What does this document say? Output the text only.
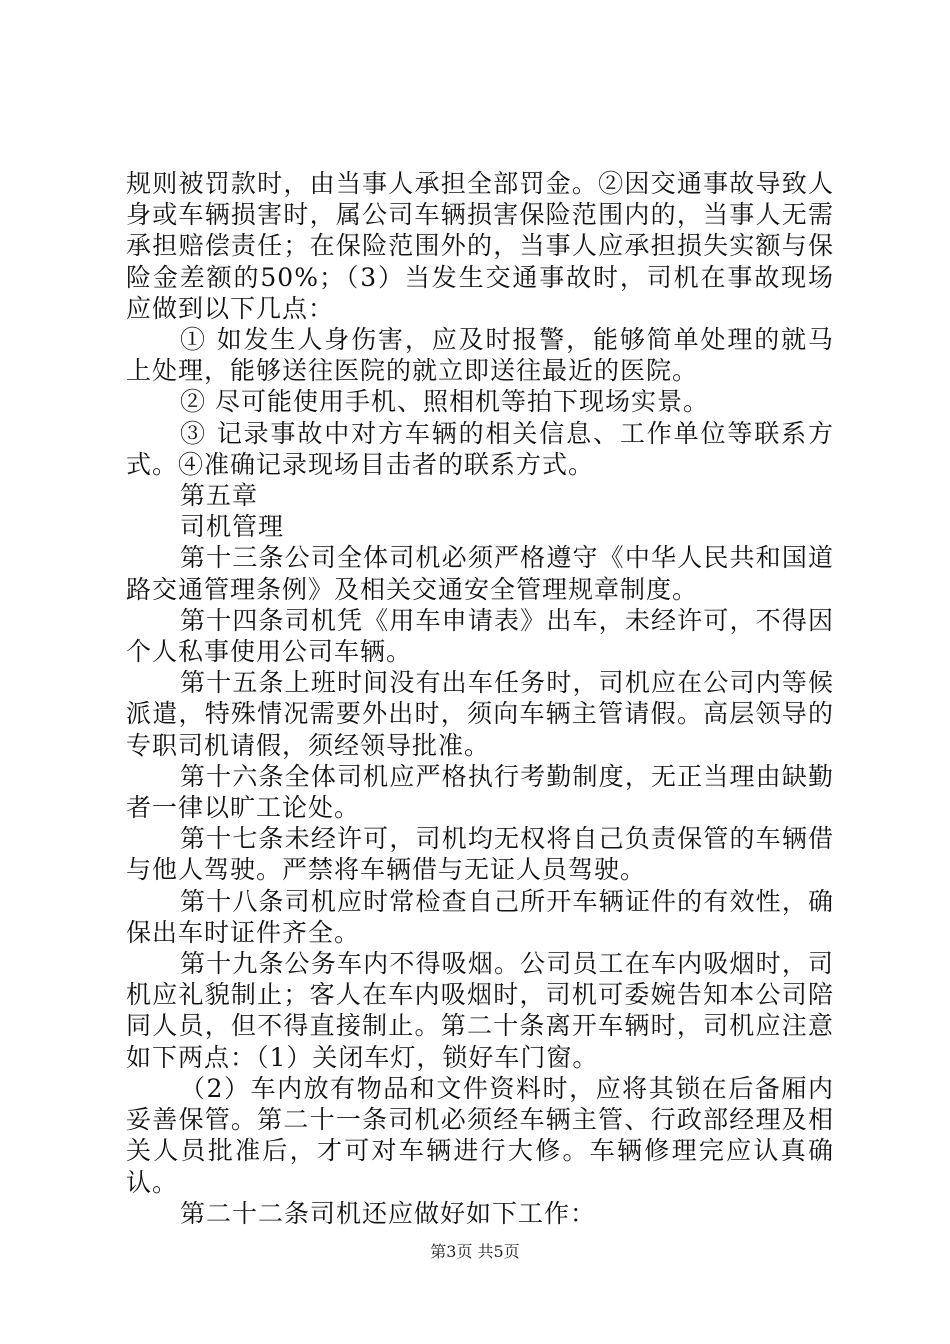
规则被罚款时，由当事人承担全部罚金。②因交通事故导致人身或车辆损害时，属公司车辆损害保险范围内的，当事人无需承担赔偿责任；在保险范围外的，当事人应承担损失实额与保险金差额的50%；（3）当发生交通事故时，司机在事故现场应做到以下几点：

① 如发生人身伤害，应及时报警，能够简单处理的就马上处理，能够送往医院的就立即送往最近的医院。

② 尽可能使用手机、照相机等拍下现场实景。

③ 记录事故中对方车辆的相关信息、工作单位等联系方式。④准确记录现场目击者的联系方式。

第五章

司机管理

第十三条公司全体司机必须严格遵守《中华人民共和国道路交通管理条例》及相关交通安全管理规章制度。

第十四条司机凭《用车申请表》出车，未经许可，不得因个人私事使用公司车辆。

第十五条上班时间没有出车任务时，司机应在公司内等候派遣，特殊情况需要外出时，须向车辆主管请假。高层领导的专职司机请假，须经领导批准。

第十六条全体司机应严格执行考勤制度，无正当理由缺勤者一律以旷工论处。

第十七条未经许可，司机均无权将自己负责保管的车辆借与他人驾驶。严禁将车辆借与无证人员驾驶。

第十八条司机应时常检查自己所开车辆证件的有效性，确保出车时证件齐全。

第十九条公务车内不得吸烟。公司员工在车内吸烟时，司机应礼貌制止；客人在车内吸烟时，司机可委婉告知本公司陪同人员，但不得直接制止。第二十条离开车辆时，司机应注意如下两点：（1）关闭车灯，锁好车门窗。

（2）车内放有物品和文件资料时，应将其锁在后备厢内妥善保管。第二十一条司机必须经车辆主管、行政部经理及相关人员批准后，才可对车辆进行大修。车辆修理完应认真确认。

第二十二条司机还应做好如下工作：

第3页 共5页
